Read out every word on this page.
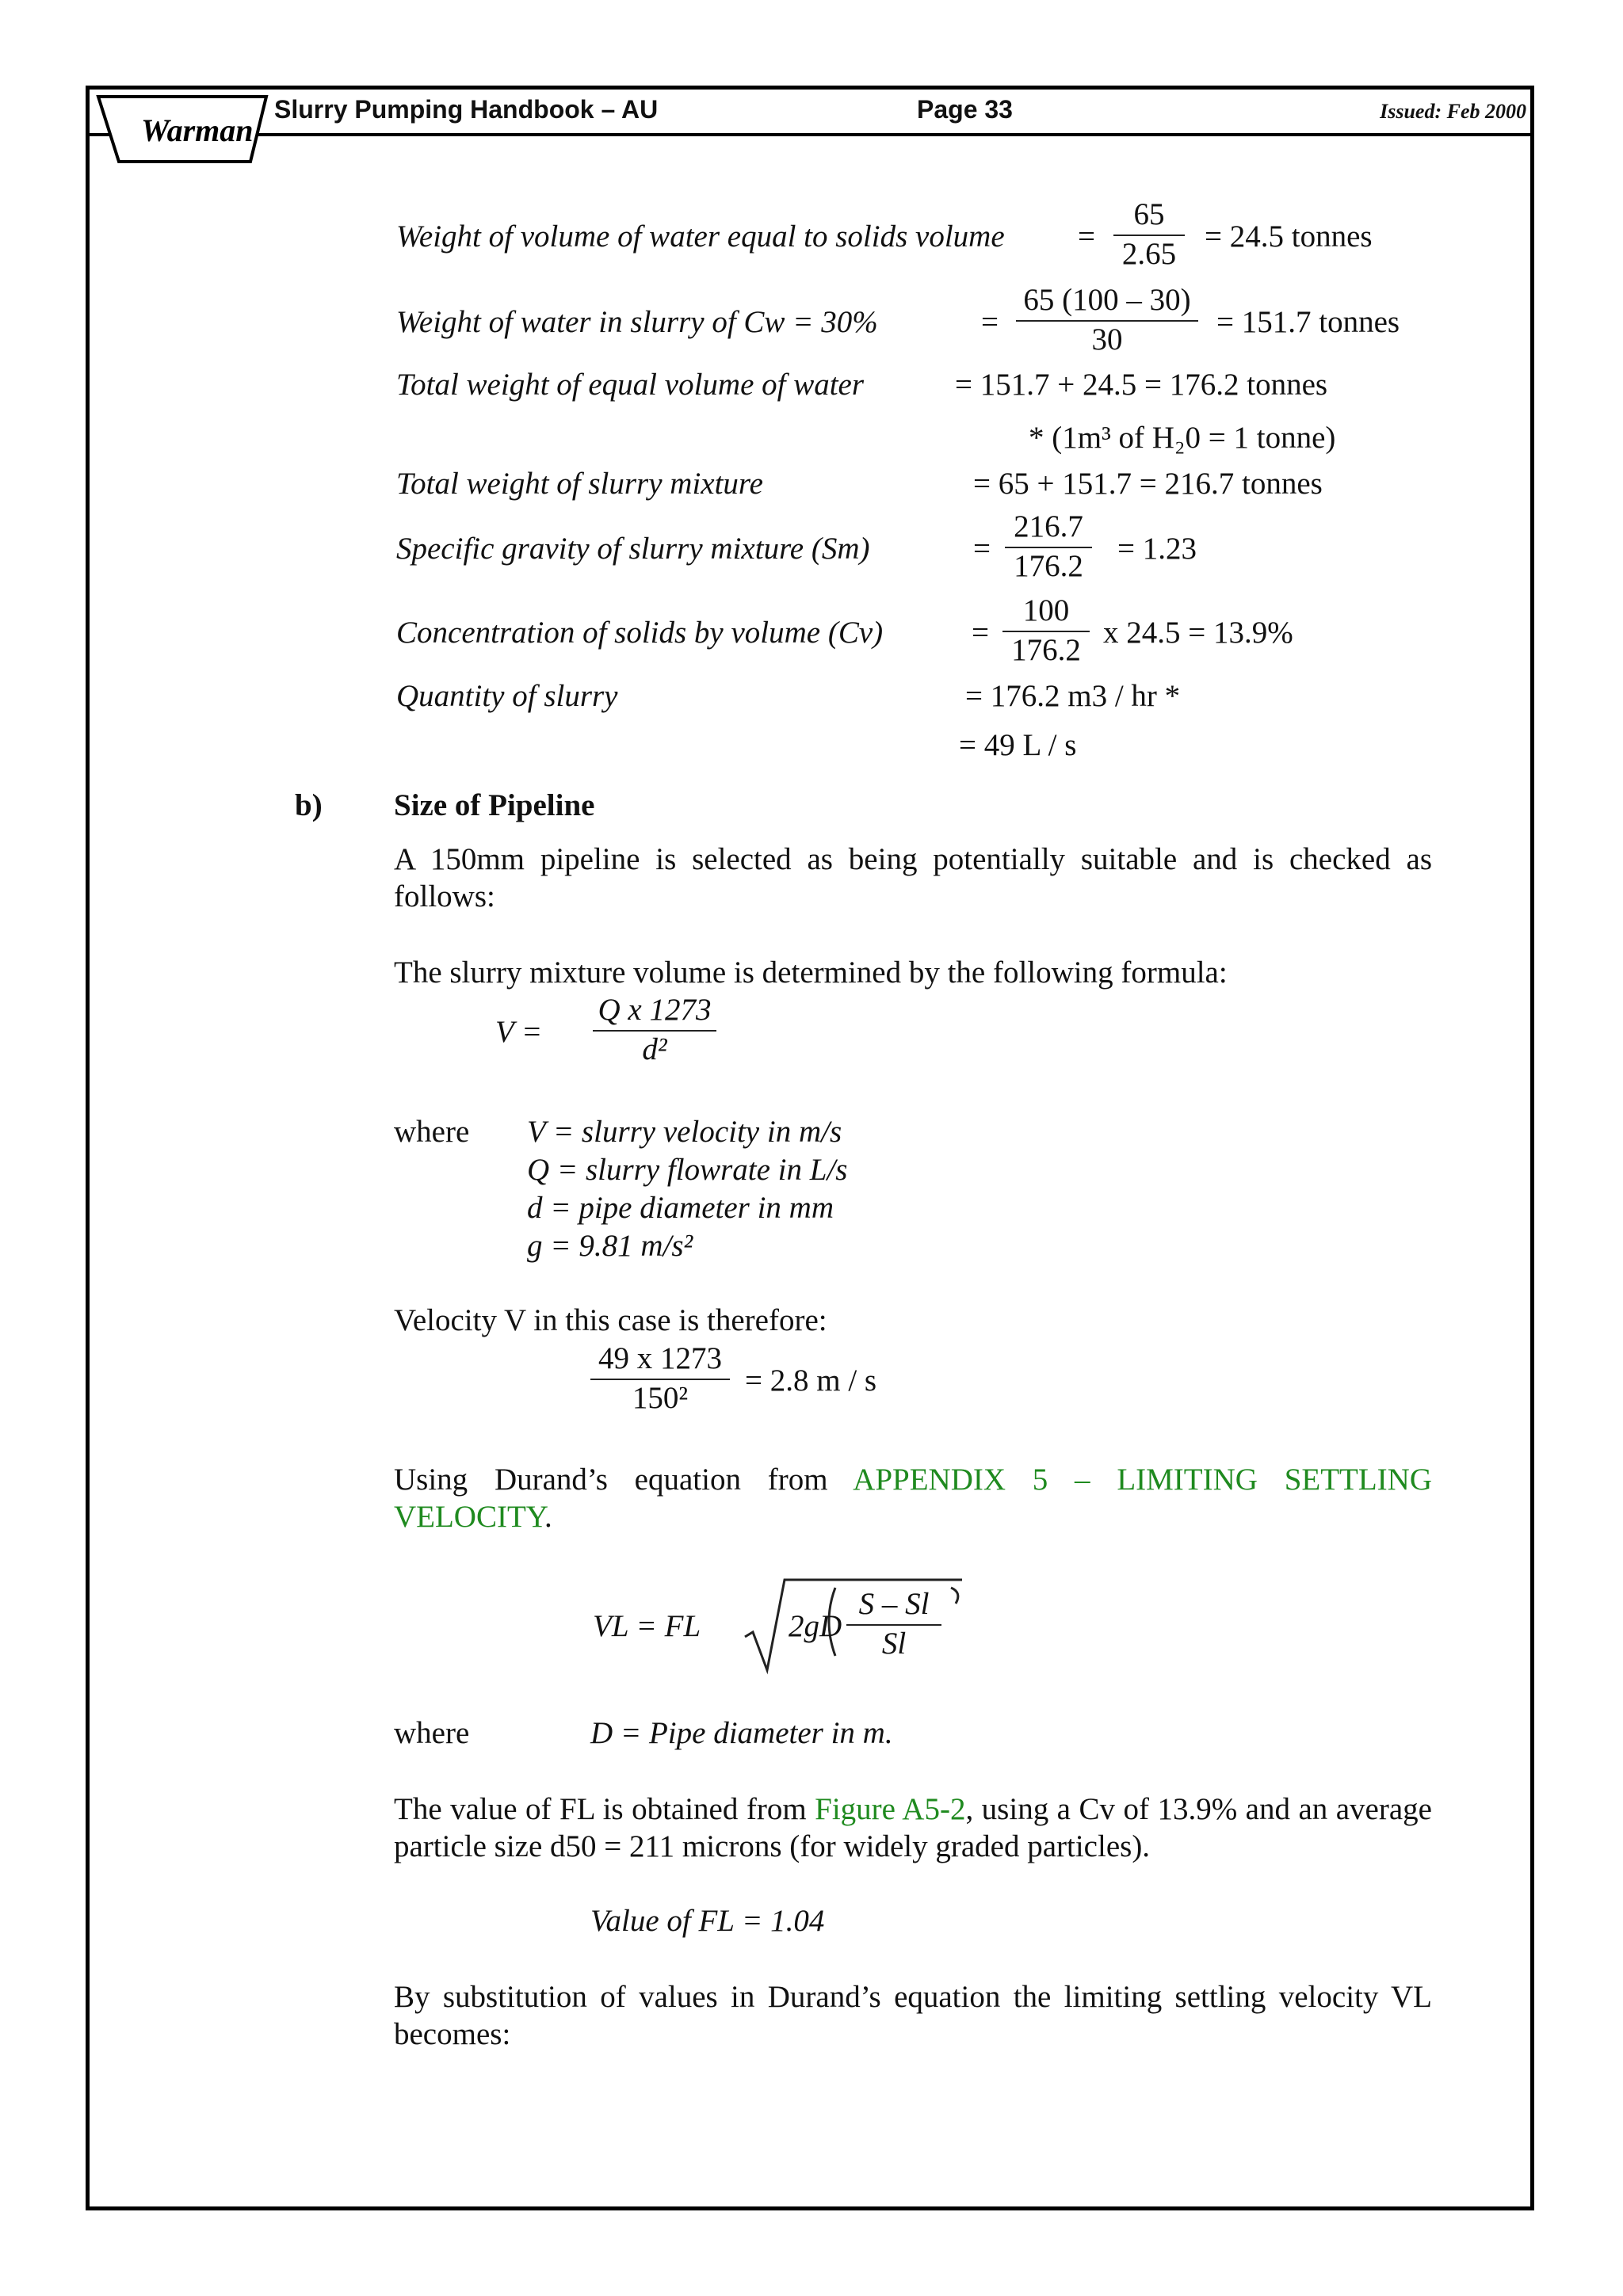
Warman
Slurry Pumping Handbook – AU	Page 33	Issued: Feb 2000
Weight of volume of water equal to solids volume = $\frac{65}{2.65} = 24.5$ tonnes
Weight of water in slurry of Cw = 30%	= $\frac{65 (100 - 30)}{30} = 151.7$ tonnes
Total weight of equal volume of water	= 151.7 + 24.5 = 176.2 tonnes
* (1m³ of H₂0 = 1 tonne)
Total weight of slurry mixture	= 65 + 151.7 = 216.7 tonnes
Specific gravity of slurry mixture (Sm)	= $\frac{216.7}{176.2} = 1.23$
Concentration of solids by volume (Cv)	= $\frac{100}{176.2}$ x 24.5 = 13.9%
Quantity of slurry	= 176.2 m3 / hr *
= 49 L / s
b) Size of Pipeline
A 150mm pipeline is selected as being potentially suitable and is checked as follows:
The slurry mixture volume is determined by the following formula:
$V = \frac{\text{Q x 1273}}{\text{d²}}$
where V = slurry velocity in m/s
Q = slurry flowrate in L/s
d = pipe diameter in mm
g = 9.81 m/s²
Velocity V in this case is therefore:
$\frac{49 x 1273}{\text{150²}} = 2.8$ m / s
Using Durand’s equation from APPENDIX 5 – LIMITING SETTLING VELOCITY.
VL = FL	$2gD \frac{S - Sl}{Sl}$
where	D = Pipe diameter in m.
The value of FL is obtained from Figure A5-2, using a Cv of 13.9% and an average particle size d50 = 211 microns (for widely graded particles).
Value of FL = 1.04
By substitution of values in Durand’s equation the limiting settling velocity VL becomes:
